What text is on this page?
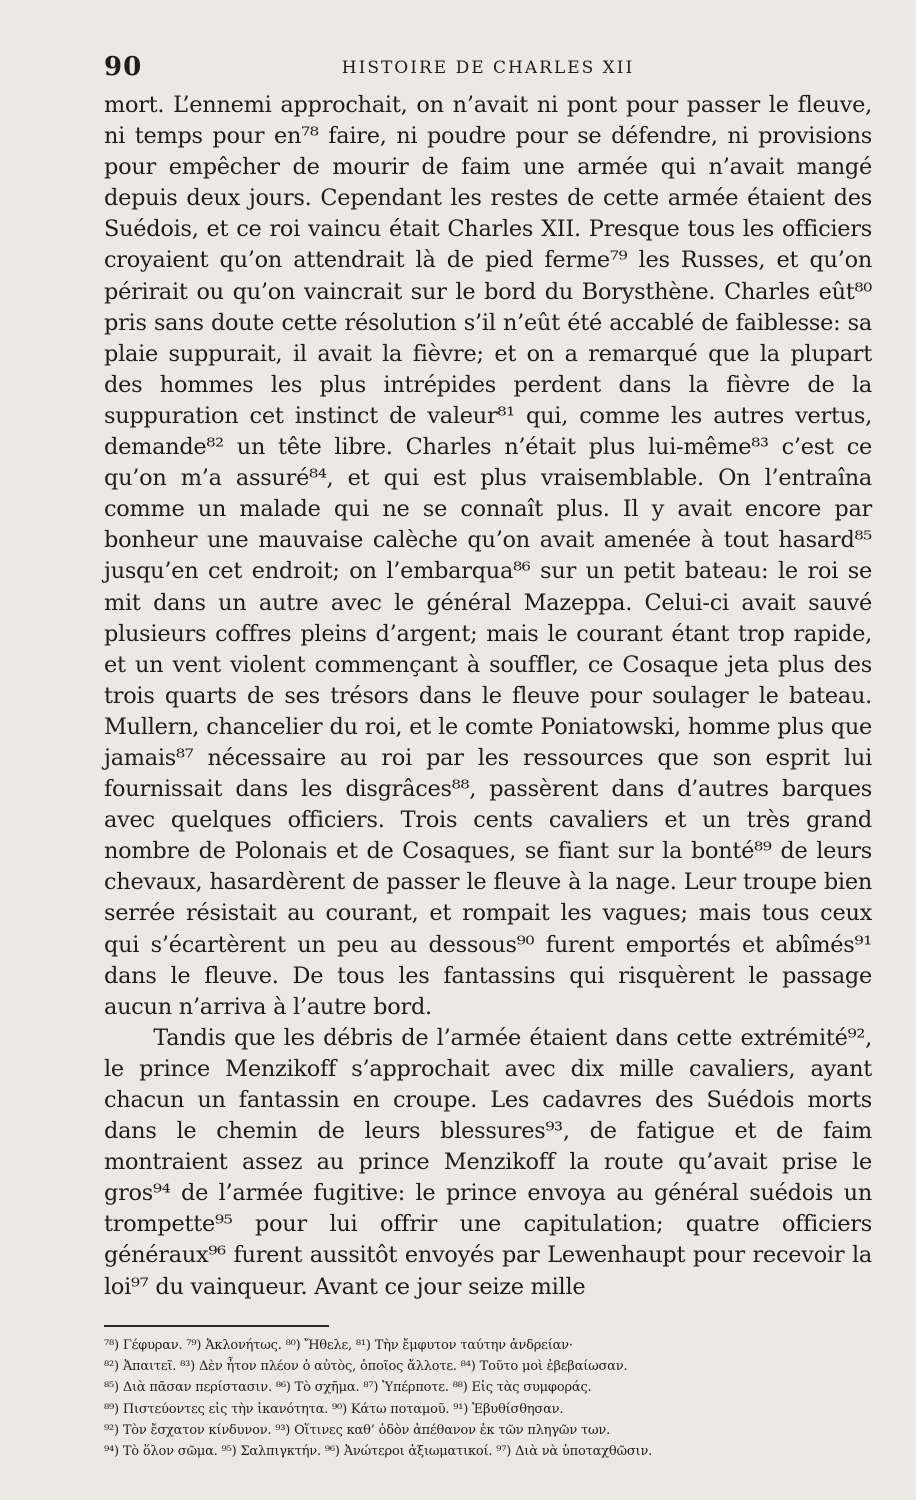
90	HISTOIRE DE CHARLES XII

mort. L’ennemi approchait, on n’avait ni pont pour passer le fleuve, ni temps pour en⁷⁸ faire, ni poudre pour se défendre, ni provisions pour empêcher de mourir de faim une armée qui n’avait mangé depuis deux jours. Cependant les restes de cette armée étaient des Suédois, et ce roi vaincu était Charles XII. Presque tous les officiers croyaient qu’on attendrait là de pied ferme⁷⁹ les Russes, et qu’on périrait ou qu’on vaincrait sur le bord du Borysthène. Charles eût⁸⁰ pris sans doute cette résolution s’il n’eût été accablé de faiblesse: sa plaie suppurait, il avait la fièvre; et on a remarqué que la plupart des hommes les plus intrépides perdent dans la fièvre de la suppuration cet instinct de valeur⁸¹ qui, comme les autres vertus, demande⁸² un tête libre. Charles n’était plus lui-même⁸³ c’est ce qu’on m’a assuré⁸⁴, et qui est plus vraisemblable. On l’entraîna comme un malade qui ne se connaît plus. Il y avait encore par bonheur une mauvaise calèche qu’on avait amenée à tout hasard⁸⁵ jusqu’en cet endroit; on l’embarqua⁸⁶ sur un petit bateau: le roi se mit dans un autre avec le général Mazeppa. Celui-ci avait sauvé plusieurs coffres pleins d’argent; mais le courant étant trop rapide, et un vent violent commençant à souffler, ce Cosaque jeta plus des trois quarts de ses trésors dans le fleuve pour soulager le bateau. Mullern, chancelier du roi, et le comte Poniatowski, homme plus que jamais⁸⁷ nécessaire au roi par les ressources que son esprit lui fournissait dans les disgrâces⁸⁸, passèrent dans d’autres barques avec quelques officiers. Trois cents cavaliers et un très grand nombre de Polonais et de Cosaques, se fiant sur la bonté⁸⁹ de leurs chevaux, hasardèrent de passer le fleuve à la nage. Leur troupe bien serrée résistait au courant, et rompait les vagues; mais tous ceux qui s’écartèrent un peu au dessous⁹⁰ furent emportés et abîmés⁹¹ dans le fleuve. De tous les fantassins qui risquèrent le passage aucun n’arriva à l’autre bord.

Tandis que les débris de l’armée étaient dans cette extrémité⁹², le prince Menzikoff s’approchait avec dix mille cavaliers, ayant chacun un fantassin en croupe. Les cadavres des Suédois morts dans le chemin de leurs blessures⁹³, de fatigue et de faim montraient assez au prince Menzikoff la route qu’avait prise le gros⁹⁴ de l’armée fugitive: le prince envoya au général suédois un trompette⁹⁵ pour lui offrir une capitulation; quatre officiers généraux⁹⁶ furent aussitôt envoyés par Lewenhaupt pour recevoir la loi⁹⁷ du vainqueur. Avant ce jour seize mille

⁷⁸) Γέφυραν. ⁷⁹) Ἀκλονήτως. ⁸⁰) Ἤθελε, ⁸¹) Τὴν ἔμφυτον ταύτην ἀνδρείαν·

⁸²) Ἀπαιτεῖ. ⁸³) Δὲν ἦτον πλέον ὁ αὐτὸς, ὁποῖος ἄλλοτε. ⁸⁴) Τοῦτο μοὶ ἐβεβαίωσαν.

⁸⁵) Διὰ πᾶσαν περίστασιν. ⁸⁶) Τὸ σχῆμα. ⁸⁷) Ὑπέρποτε. ⁸⁸) Εἰς τὰς συμφοράς.

⁸⁹) Πιστεύοντες εἰς τὴν ἱκανότητα. ⁹⁰) Κάτω ποταμοῦ. ⁹¹) Ἐβυθίσθησαν.

⁹²) Τὸν ἔσχατον κίνδυνον. ⁹³) Οἵτινες καθ’ ὁδὸν ἀπέθανον ἐκ τῶν πληγῶν των.

⁹⁴) Τὸ ὅλον σῶμα. ⁹⁵) Σαλπιγκτήν. ⁹⁶) Ἀνώτεροι ἀξιωματικοί. ⁹⁷) Διὰ νὰ ὑποταχθῶσιν.
